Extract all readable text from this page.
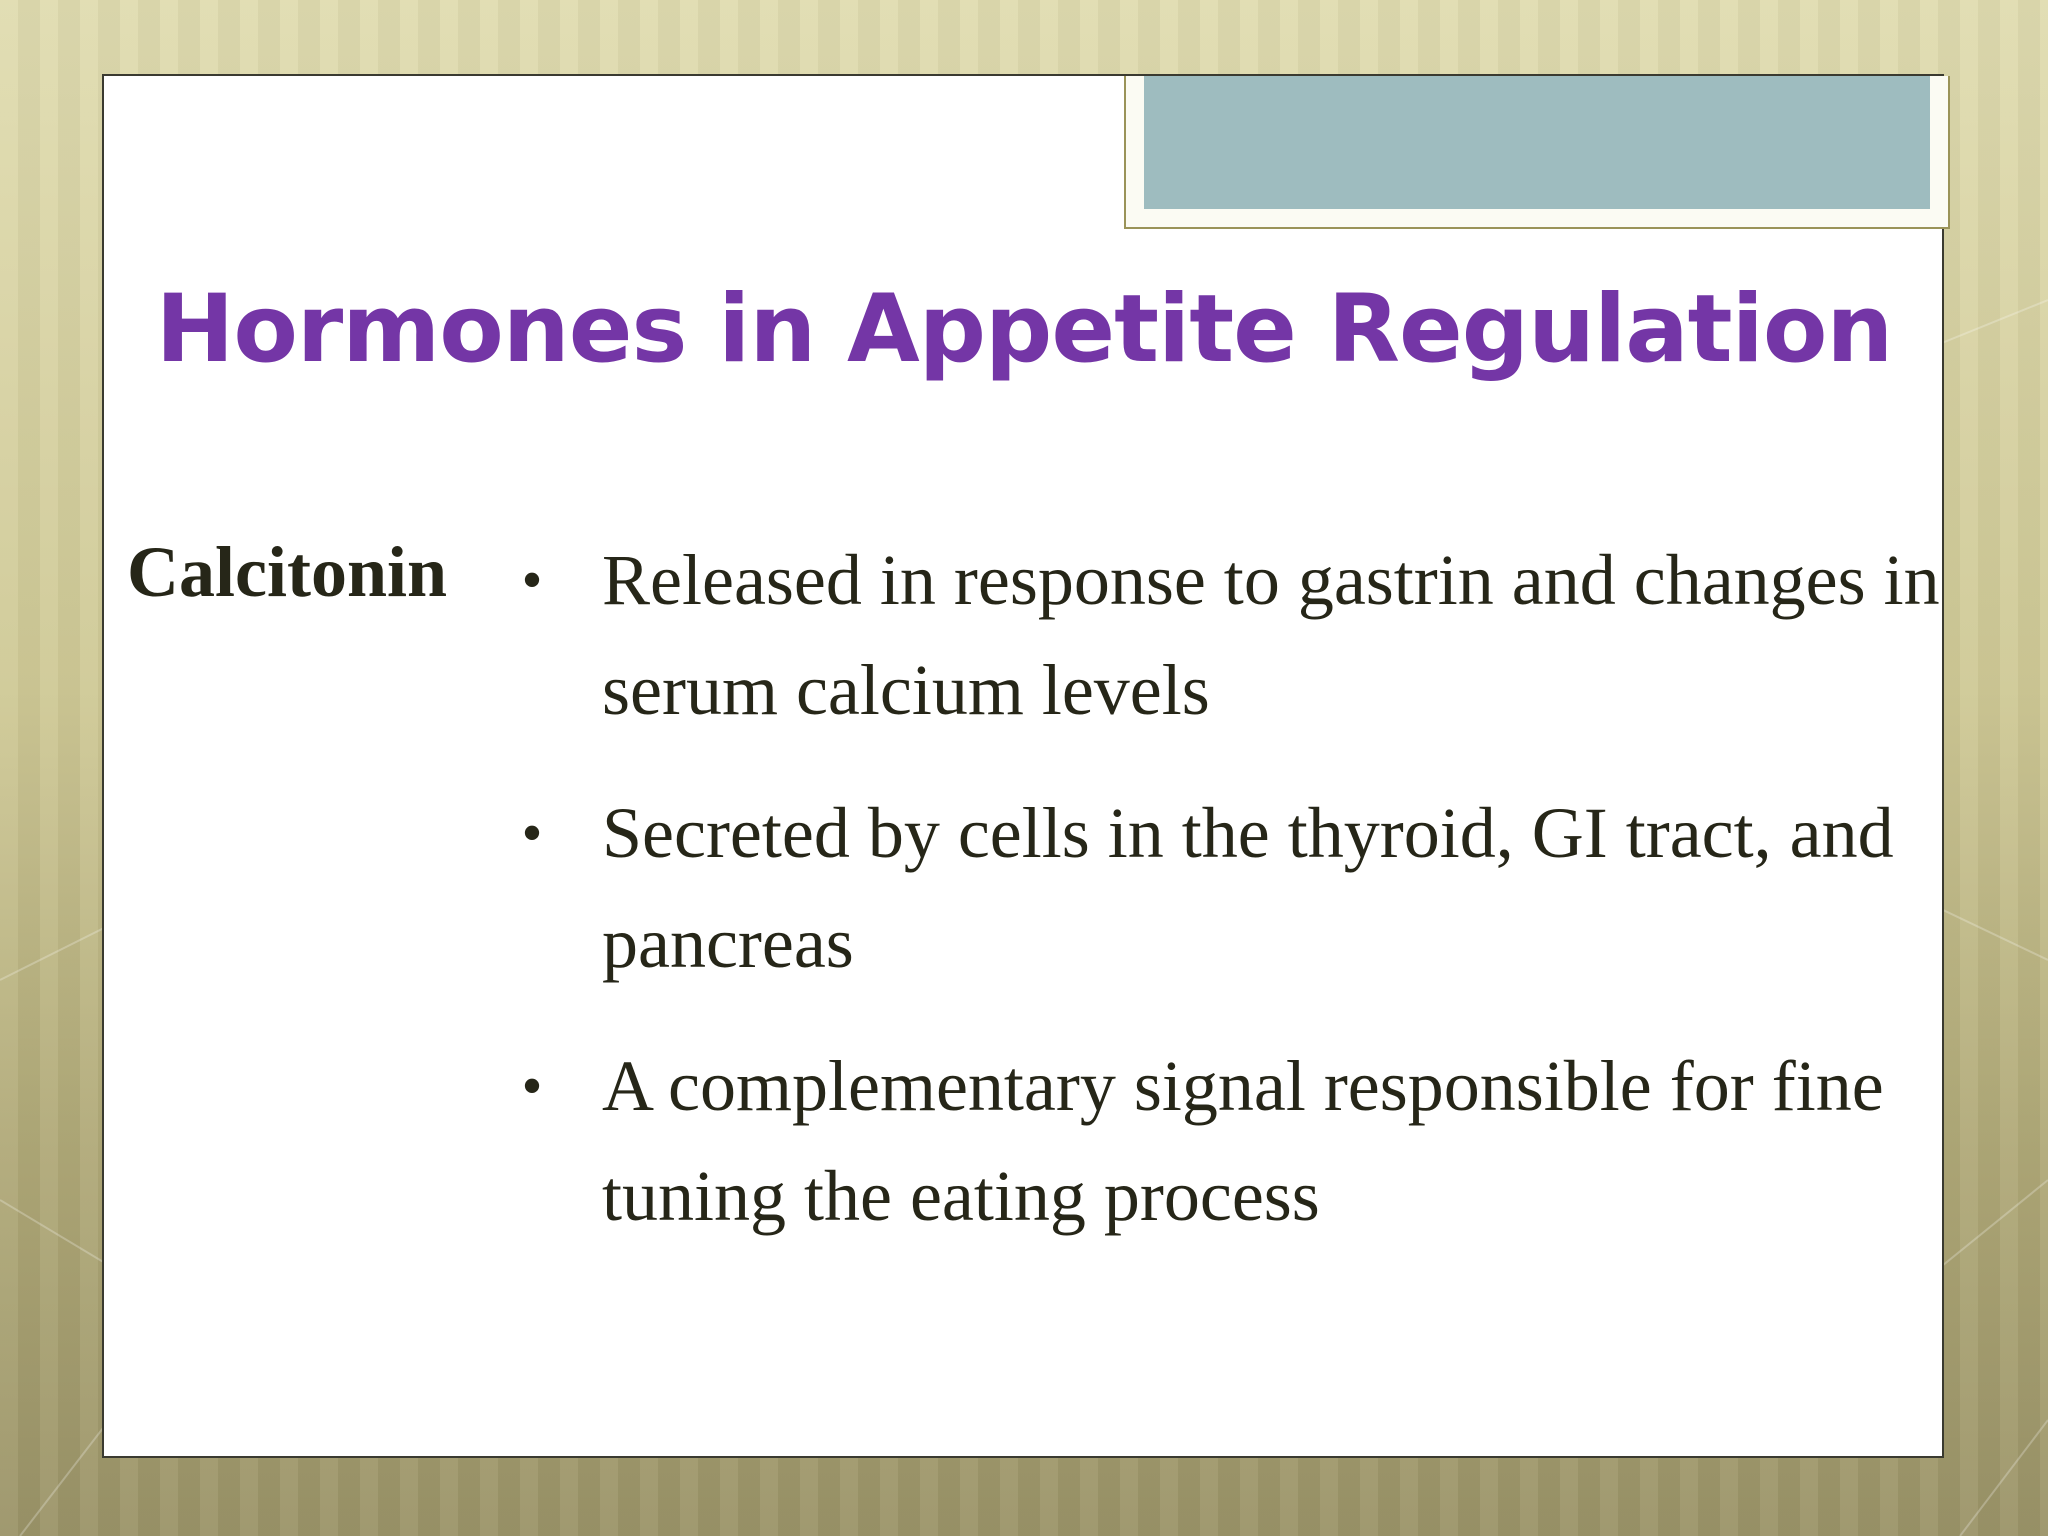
Hormones in Appetite Regulation
Calcitonin • Released in response to gastrin and changes in serum calcium levels
• Secreted by cells in the thyroid, GI tract, and pancreas
• A complementary signal responsible for fine tuning the eating process
